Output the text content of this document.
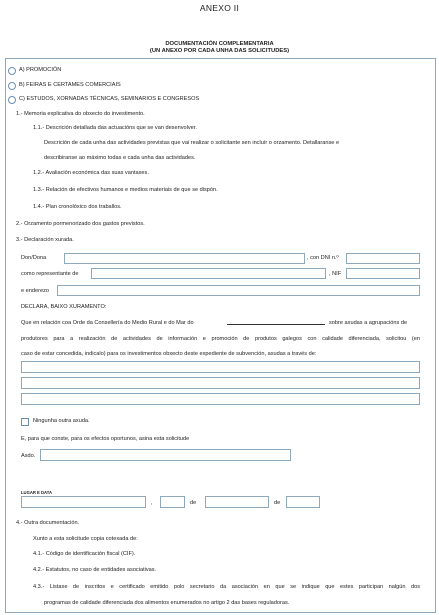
ANEXO II
DOCUMENTACIÓN COMPLEMENTARIA
(UN ANEXO POR CADA UNHA DAS SOLICITUDES)
A) PROMOCIÓN
B) FEIRAS E CERTAMES COMERCIAIS
C) ESTUDOS, XORNADAS TÉCNICAS, SEMINARIOS E CONGRESOS
1.- Memoria explicativa do obxecto do investimento.
1.1.- Descrición detallada das actuacións que se van desenvolver.
Descrición de cada unha das actividades previstas que vai realizar o solicitante sen incluír o orzamento. Detallaranse e
describiranse ao máximo todas e cada unha das actividades.
1.2.- Avaliación económica das suas vantaxes.
1.3.- Relación de efectivos humanos e medios materiais de que se dispón.
1.4.- Plan cronolóxico dos traballos.
2.- Orzamento pormenorizado dos gastos previstos.
3.- Declaración xurada.
Don/Dona	, con DNI n.º
como representante de	, NIF
e enderezo
DECLARA, BAIXO XURAMENTO:
Que en relación coa Orde da Consellería do Medio Rural e do Mar do	sobre axudas a agrupacións de
produtores para a realización de actividades de información e promoción de produtos galegos con calidade diferenciada, solicitou (en
caso de estar concedida, indicalo) para os investimentos obxecto deste expediente de subvención, axudas a través de:
Ningunha outra axuda.
E, para que conste, para os efectos oportunos, asina esta solicitude
Asdo.
LUGAR E DATA
,	de	de
4.- Outra documentación.
Xunto a esta solicitude copia cotexada de:
4.1.- Código de identificación fiscal (CIF).
4.2.- Estatutos, no caso de entidades asociativas.
4.3.- Listaxe de inscritos e certificado emitido polo secretario da asociación en que se indique que estes participan nalgún dos
programas de calidade diferenciada dos alimentos enumerados no artigo 2 das bases reguladoras.
